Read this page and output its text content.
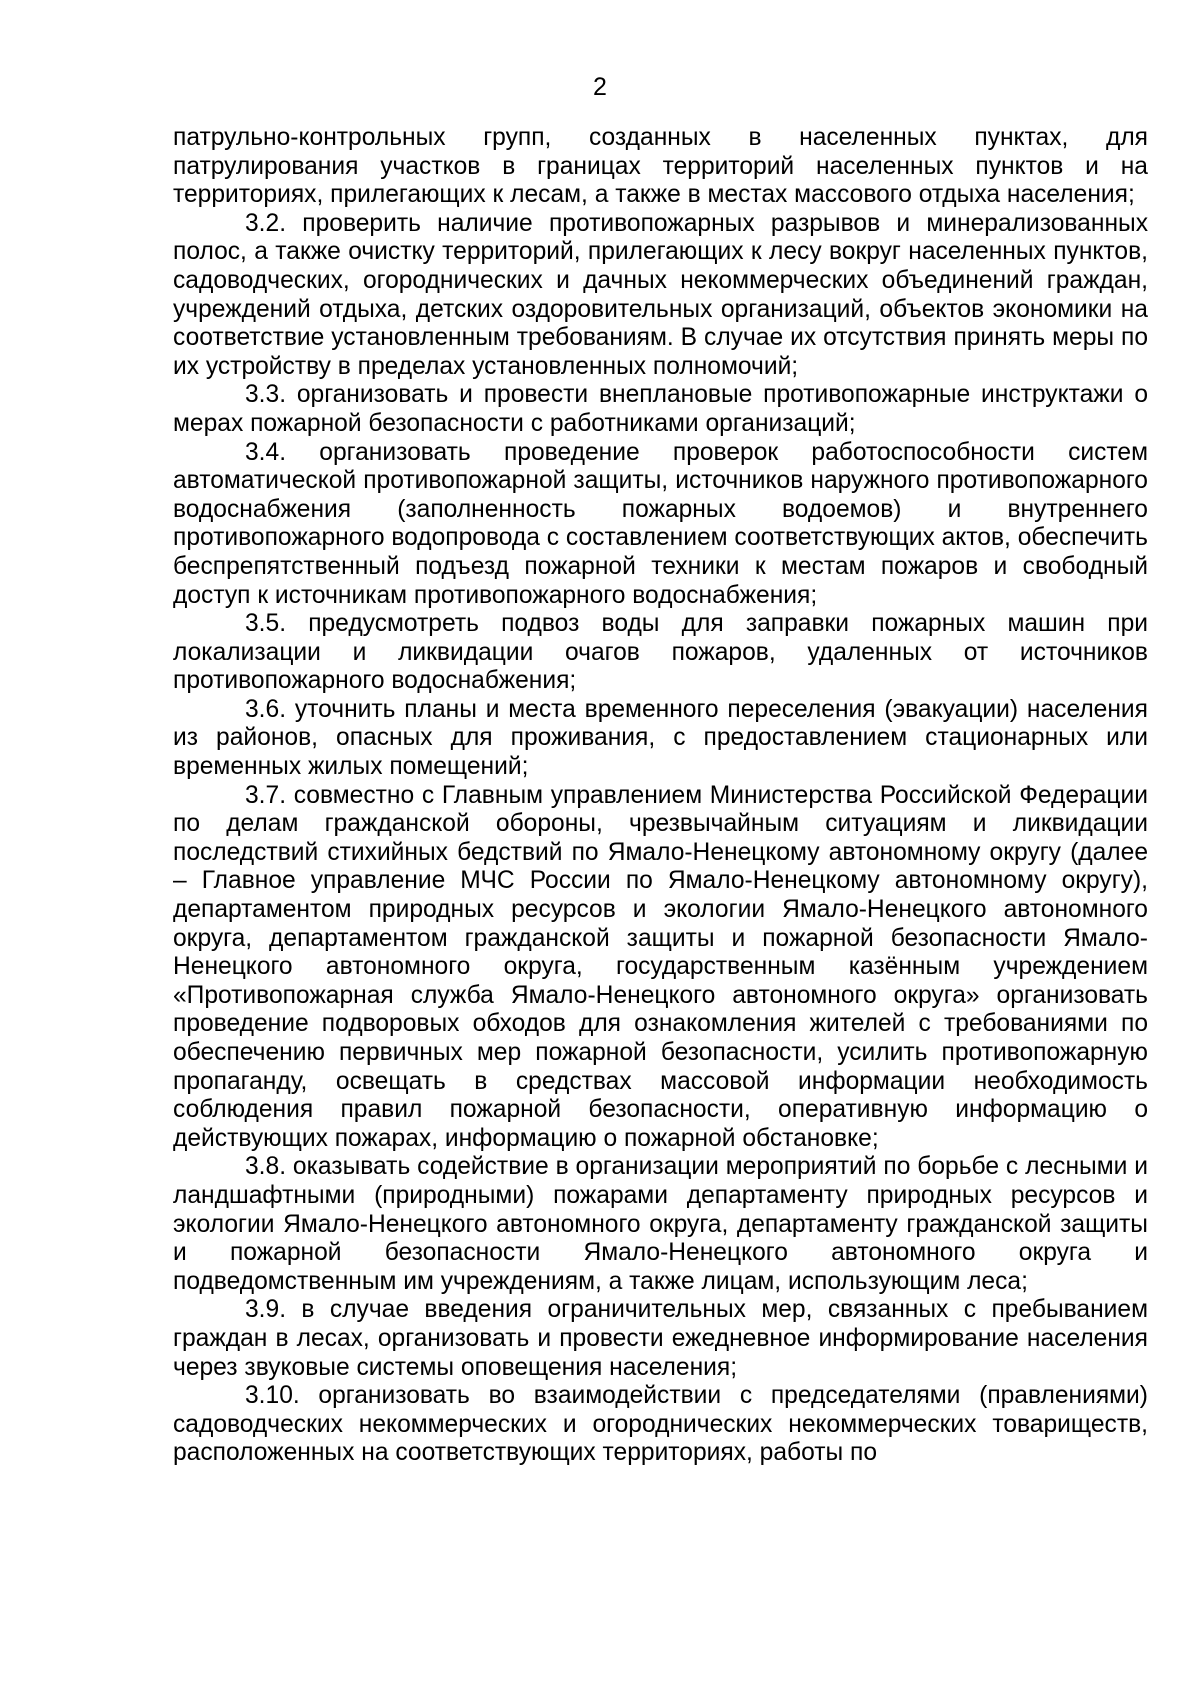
2

патрульно-контрольных групп, созданных в населенных пунктах, для патрулирования участков в границах территорий населенных пунктов и на территориях, прилегающих к лесам, а также в местах массового отдыха населения;

3.2. проверить наличие противопожарных разрывов и минерализованных полос, а также очистку территорий, прилегающих к лесу вокруг населенных пунктов, садоводческих, огороднических и дачных некоммерческих объединений граждан, учреждений отдыха, детских оздоровительных организаций, объектов экономики на соответствие установленным требованиям. В случае их отсутствия принять меры по их устройству в пределах установленных полномочий;

3.3. организовать и провести внеплановые противопожарные инструктажи о мерах пожарной безопасности с работниками организаций;

3.4. организовать проведение проверок работоспособности систем автоматической противопожарной защиты, источников наружного противопожарного водоснабжения (заполненность пожарных водоемов) и внутреннего противопожарного водопровода с составлением соответствующих актов, обеспечить беспрепятственный подъезд пожарной техники к местам пожаров и свободный доступ к источникам противопожарного водоснабжения;

3.5. предусмотреть подвоз воды для заправки пожарных машин при локализации и ликвидации очагов пожаров, удаленных от источников противопожарного водоснабжения;

3.6. уточнить планы и места временного переселения (эвакуации) населения из районов, опасных для проживания, с предоставлением стационарных или временных жилых помещений;

3.7. совместно с Главным управлением Министерства Российской Федерации по делам гражданской обороны, чрезвычайным ситуациям и ликвидации последствий стихийных бедствий по Ямало-Ненецкому автономному округу (далее – Главное управление МЧС России по Ямало-Ненецкому автономному округу), департаментом природных ресурсов и экологии Ямало-Ненецкого автономного округа, департаментом гражданской защиты и пожарной безопасности Ямало-Ненецкого автономного округа, государственным казённым учреждением «Противопожарная служба Ямало-Ненецкого автономного округа» организовать проведение подворовых обходов для ознакомления жителей с требованиями по обеспечению первичных мер пожарной безопасности, усилить противопожарную пропаганду, освещать в средствах массовой информации необходимость соблюдения правил пожарной безопасности, оперативную информацию о действующих пожарах, информацию о пожарной обстановке;

3.8. оказывать содействие в организации мероприятий по борьбе с лесными и ландшафтными (природными) пожарами департаменту природных ресурсов и экологии Ямало-Ненецкого автономного округа, департаменту гражданской защиты и пожарной безопасности Ямало-Ненецкого автономного округа и подведомственным им учреждениям, а также лицам, использующим леса;

3.9. в случае введения ограничительных мер, связанных с пребыванием граждан в лесах, организовать и провести ежедневное информирование населения через звуковые системы оповещения населения;

3.10. организовать во взаимодействии с председателями (правлениями) садоводческих некоммерческих и огороднических некоммерческих товариществ, расположенных на соответствующих территориях, работы по
